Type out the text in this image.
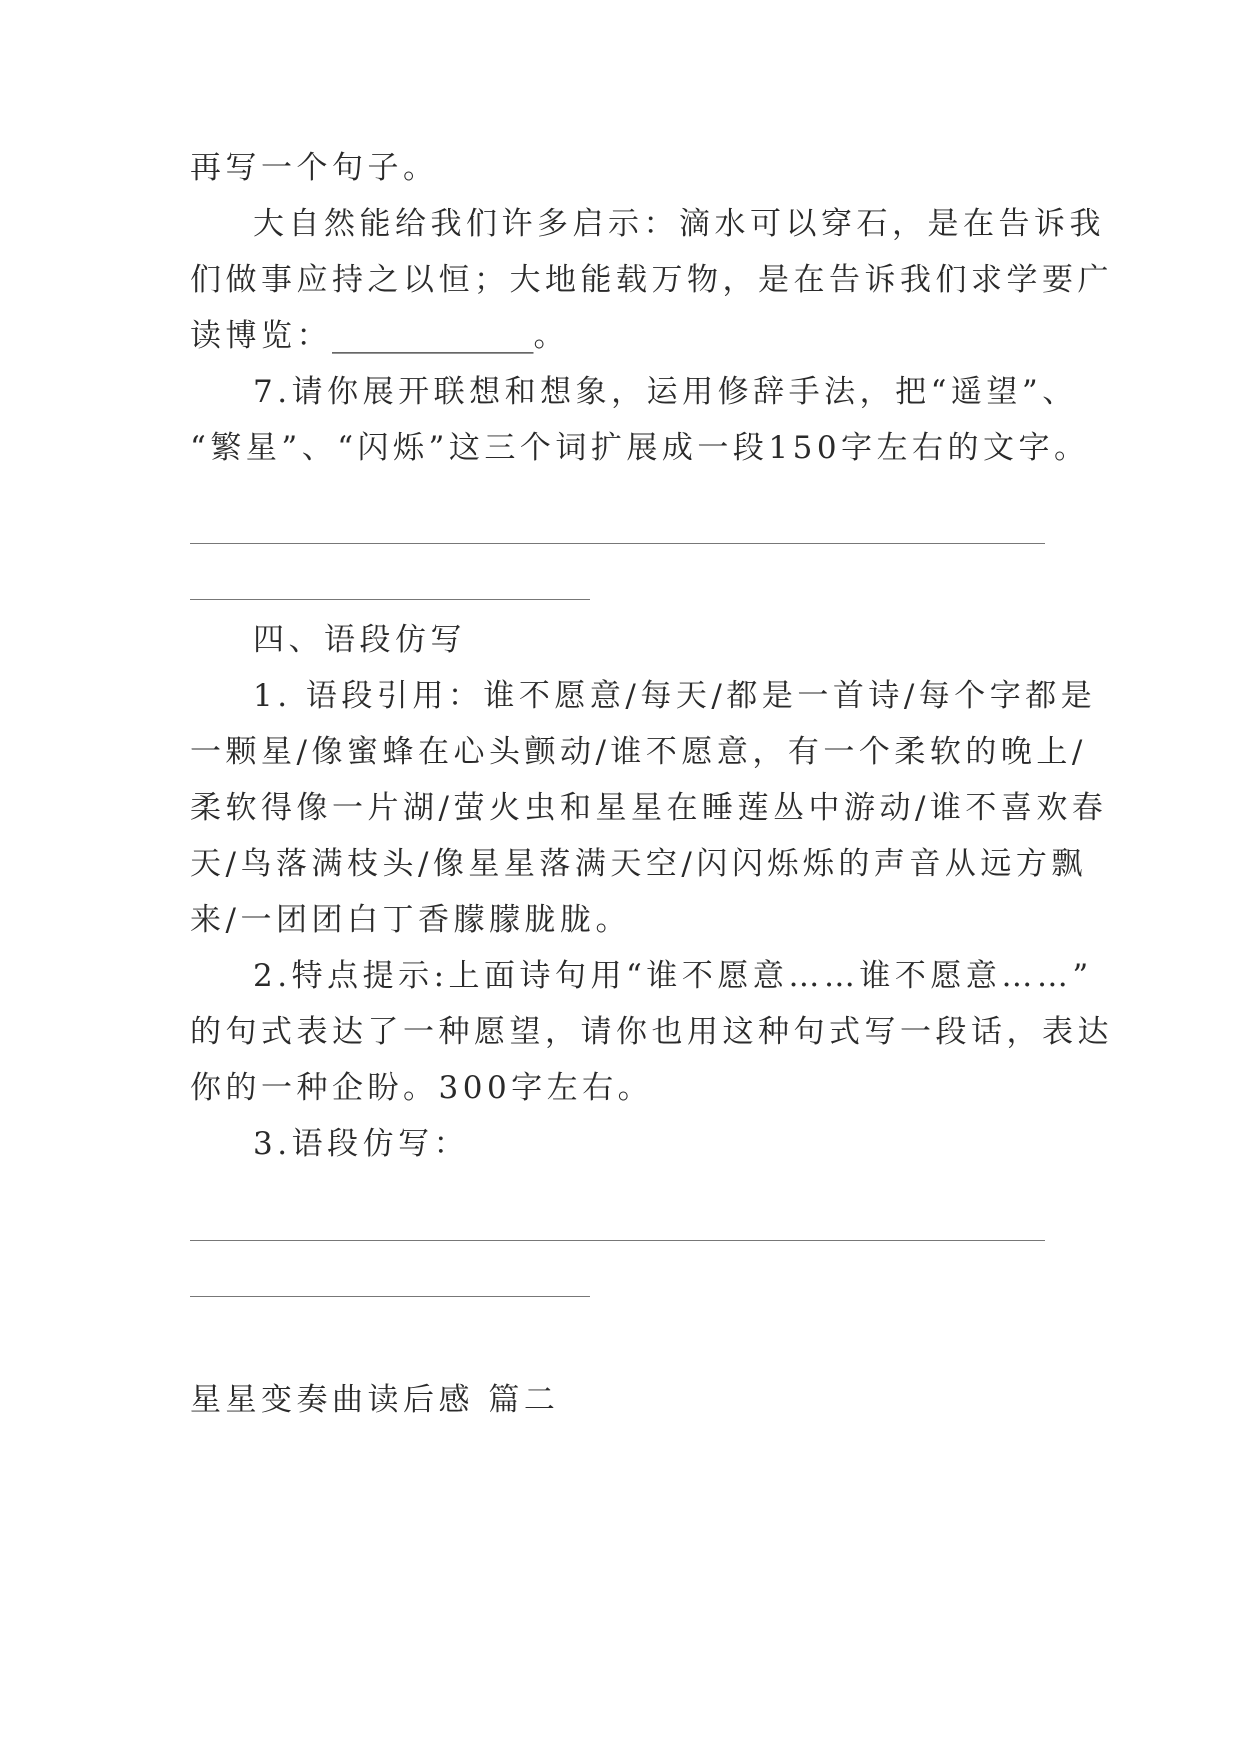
再写一个句子。
大自然能给我们许多启示：滴水可以穿石，是在告诉我
们做事应持之以恒；大地能载万物，是在告诉我们求学要广
读博览：_____________。
7.请你展开联想和想象，运用修辞手法，把“遥望”、
“繁星”、“闪烁”这三个词扩展成一段150字左右的文字。
四、语段仿写
1. 语段引用：谁不愿意/每天/都是一首诗/每个字都是
一颗星/像蜜蜂在心头颤动/谁不愿意，有一个柔软的晚上/
柔软得像一片湖/萤火虫和星星在睡莲丛中游动/谁不喜欢春
天/鸟落满枝头/像星星落满天空/闪闪烁烁的声音从远方飘
来/一团团白丁香朦朦胧胧。
2.特点提示:上面诗句用“谁不愿意……谁不愿意……”
的句式表达了一种愿望，请你也用这种句式写一段话，表达
你的一种企盼。300字左右。
3.语段仿写：
星星变奏曲读后感 篇二
